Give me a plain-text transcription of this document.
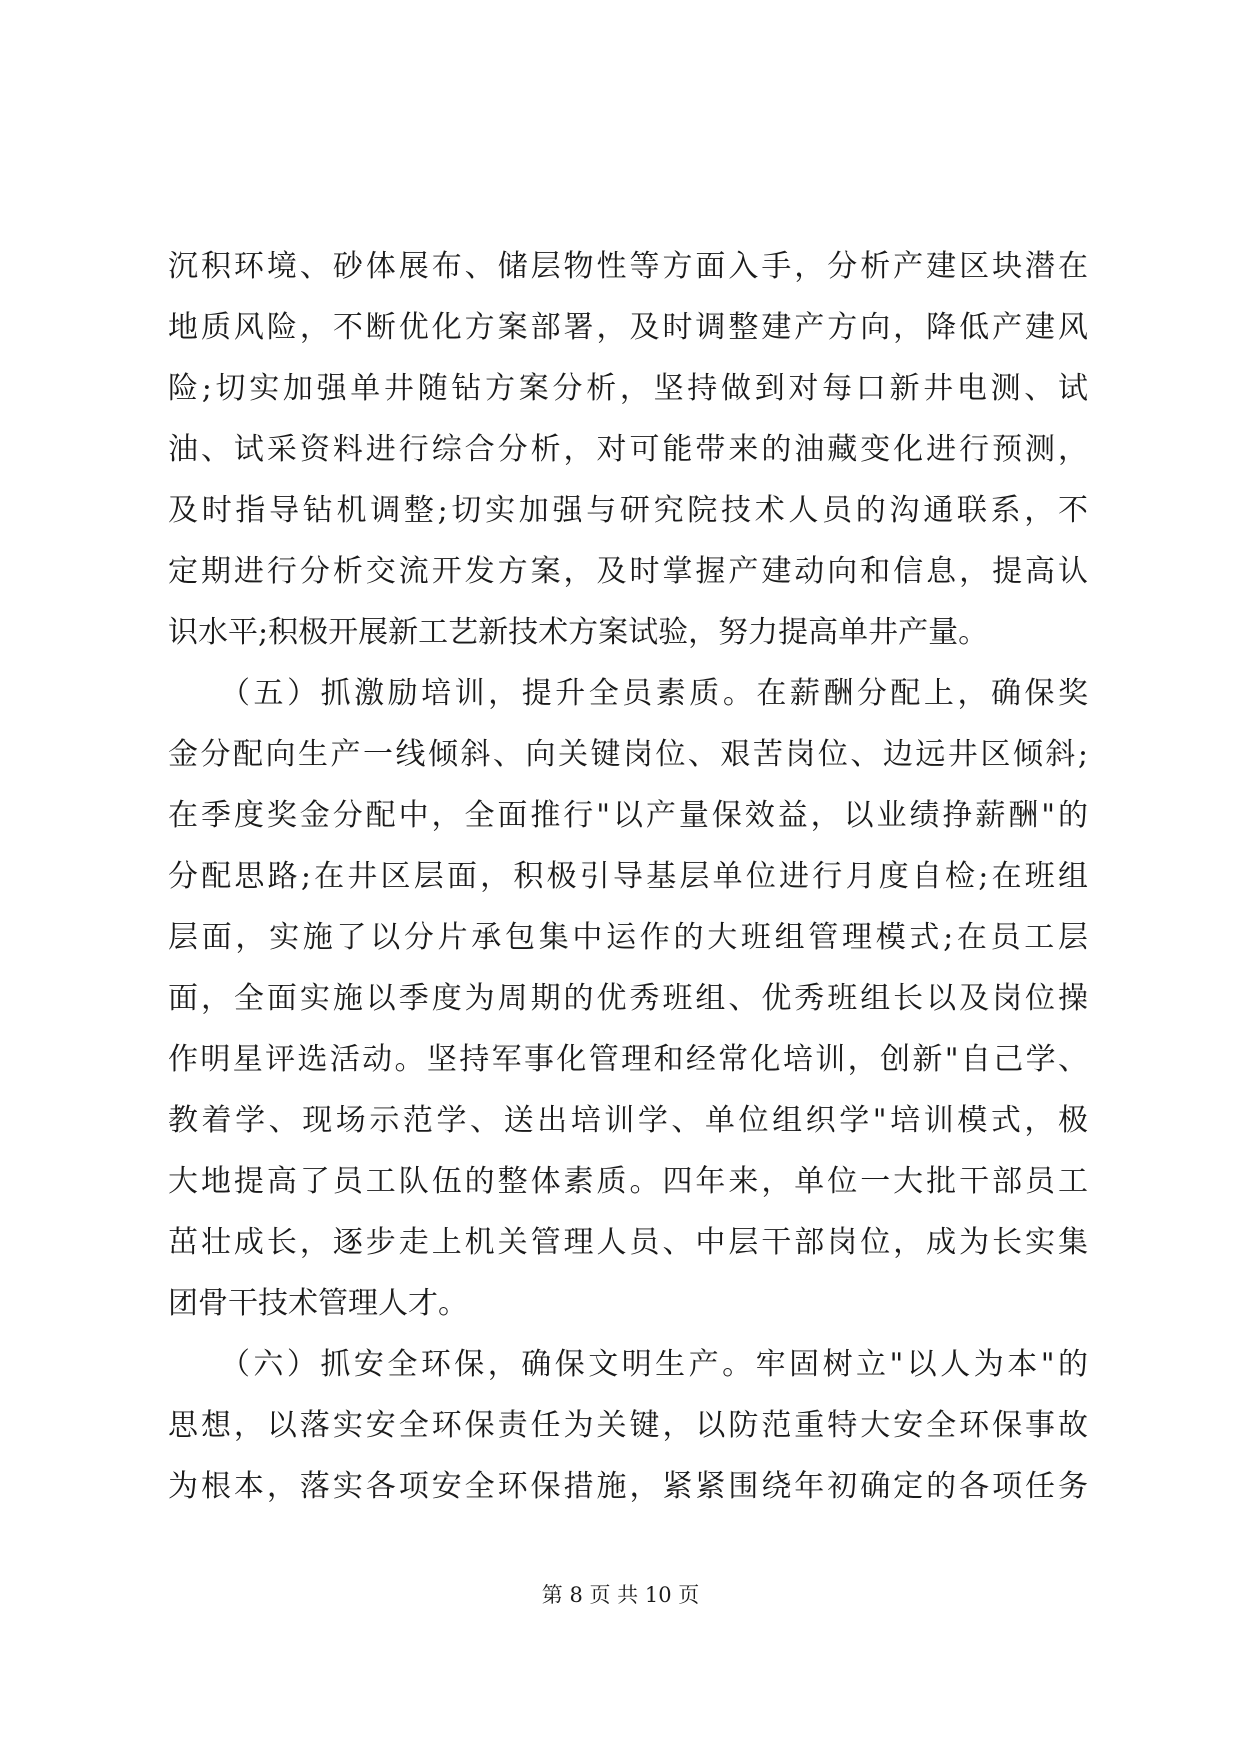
沉积环境、砂体展布、储层物性等方面入手，分析产建区块潜在
地质风险，不断优化方案部署，及时调整建产方向，降低产建风
险;切实加强单井随钻方案分析，坚持做到对每口新井电测、试
油、试采资料进行综合分析，对可能带来的油藏变化进行预测，
及时指导钻机调整;切实加强与研究院技术人员的沟通联系，不
定期进行分析交流开发方案，及时掌握产建动向和信息，提高认
识水平;积极开展新工艺新技术方案试验，努力提高单井产量。
　　（五）抓激励培训，提升全员素质。在薪酬分配上，确保奖
金分配向生产一线倾斜、向关键岗位、艰苦岗位、边远井区倾斜;
在季度奖金分配中，全面推行"以产量保效益，以业绩挣薪酬"的
分配思路;在井区层面，积极引导基层单位进行月度自检;在班组
层面，实施了以分片承包集中运作的大班组管理模式;在员工层
面，全面实施以季度为周期的优秀班组、优秀班组长以及岗位操
作明星评选活动。坚持军事化管理和经常化培训，创新"自己学、
教着学、现场示范学、送出培训学、单位组织学"培训模式，极
大地提高了员工队伍的整体素质。四年来，单位一大批干部员工
茁壮成长，逐步走上机关管理人员、中层干部岗位，成为长实集
团骨干技术管理人才。
　　（六）抓安全环保，确保文明生产。牢固树立"以人为本"的
思想，以落实安全环保责任为关键，以防范重特大安全环保事故
为根本，落实各项安全环保措施，紧紧围绕年初确定的各项任务
第 8 页 共 10 页
